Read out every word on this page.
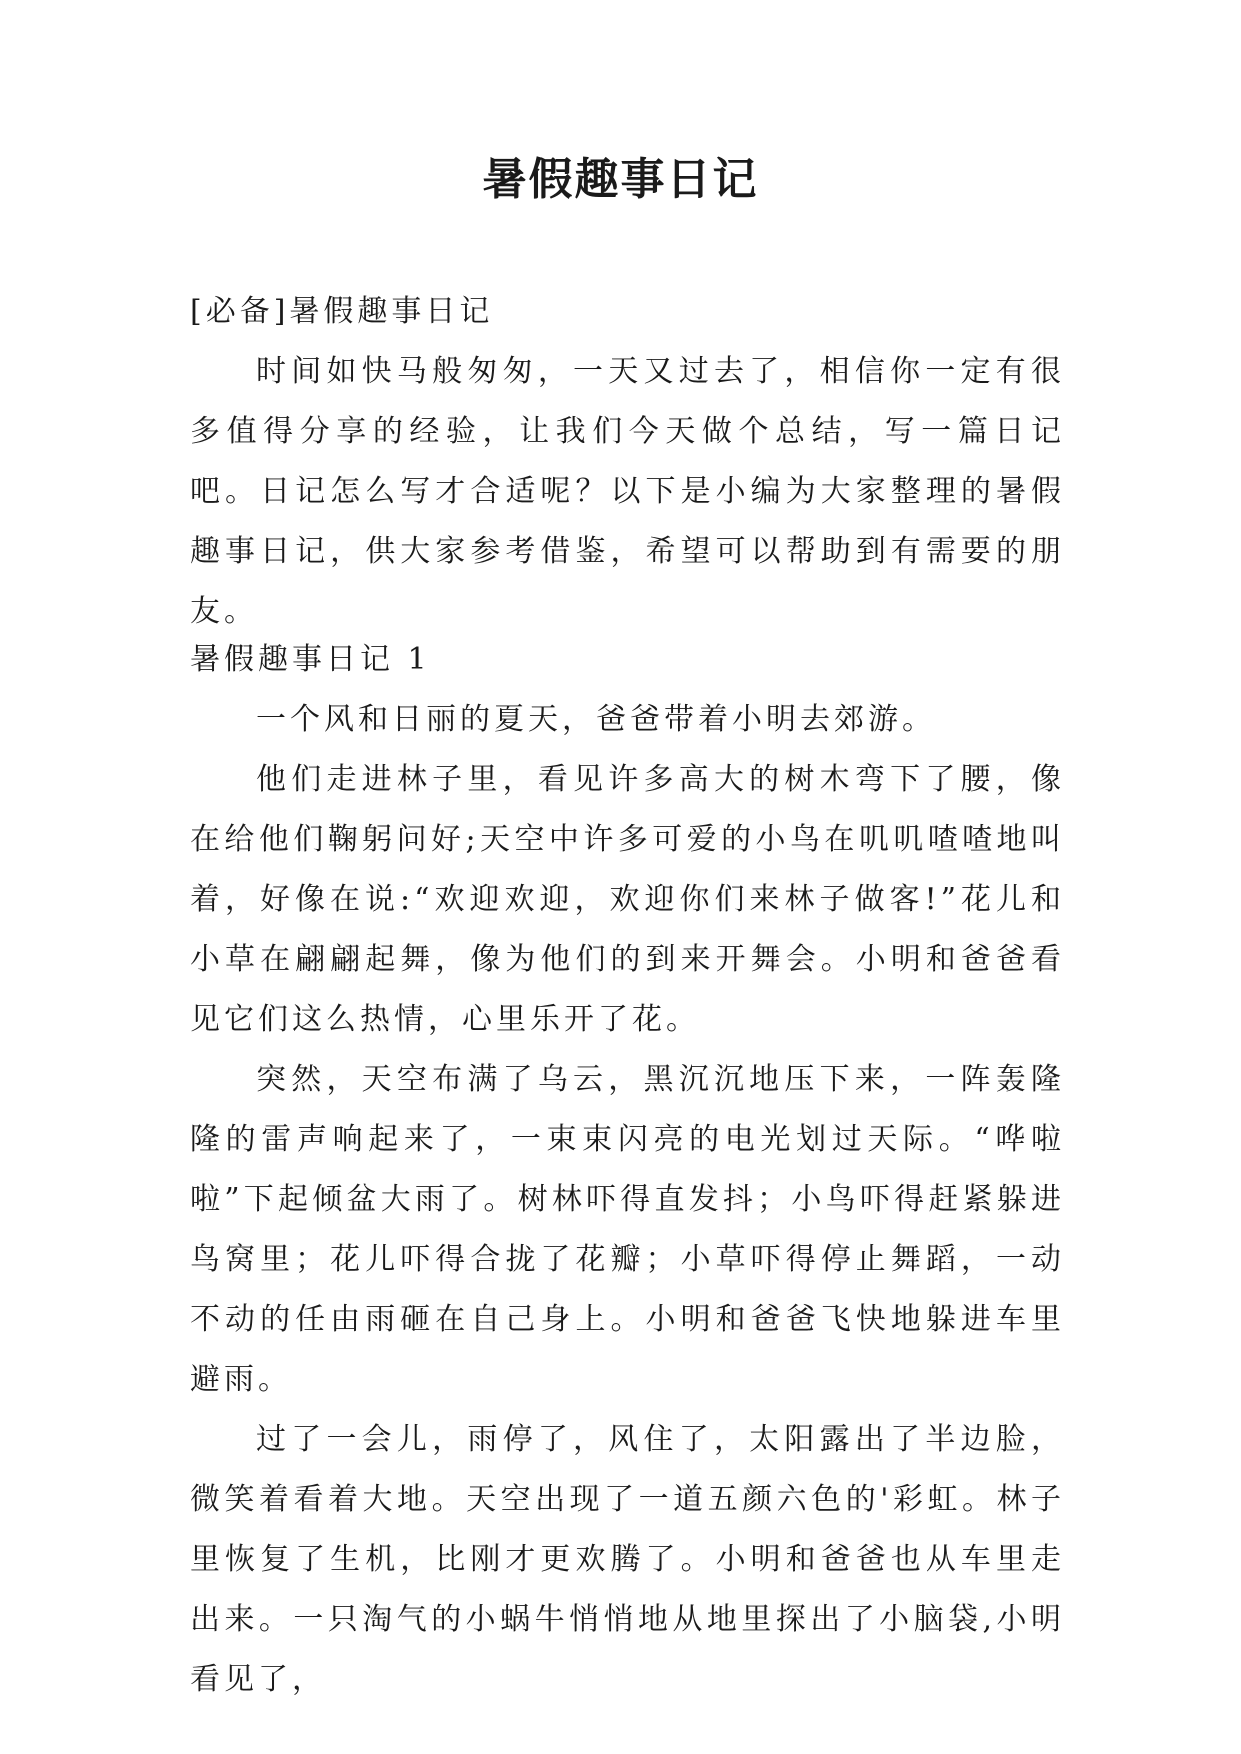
暑假趣事日记

[必备]暑假趣事日记

时间如快马般匆匆，一天又过去了，相信你一定有很多值得分享的经验，让我们今天做个总结，写一篇日记吧。日记怎么写才合适呢？以下是小编为大家整理的暑假趣事日记，供大家参考借鉴，希望可以帮助到有需要的朋友。

暑假趣事日记 1

一个风和日丽的夏天，爸爸带着小明去郊游。

他们走进林子里，看见许多高大的树木弯下了腰，像在给他们鞠躬问好;天空中许多可爱的小鸟在叽叽喳喳地叫着，好像在说:“欢迎欢迎，欢迎你们来林子做客!”花儿和小草在翩翩起舞，像为他们的到来开舞会。小明和爸爸看见它们这么热情，心里乐开了花。

突然，天空布满了乌云，黑沉沉地压下来，一阵轰隆隆的雷声响起来了，一束束闪亮的电光划过天际。“哗啦啦”下起倾盆大雨了。树林吓得直发抖；小鸟吓得赶紧躲进鸟窝里；花儿吓得合拢了花瓣；小草吓得停止舞蹈，一动不动的任由雨砸在自己身上。小明和爸爸飞快地躲进车里避雨。

过了一会儿，雨停了，风住了，太阳露出了半边脸，微笑着看着大地。天空出现了一道五颜六色的'彩虹。林子里恢复了生机，比刚才更欢腾了。小明和爸爸也从车里走出来。一只淘气的小蜗牛悄悄地从地里探出了小脑袋,小明看见了，
